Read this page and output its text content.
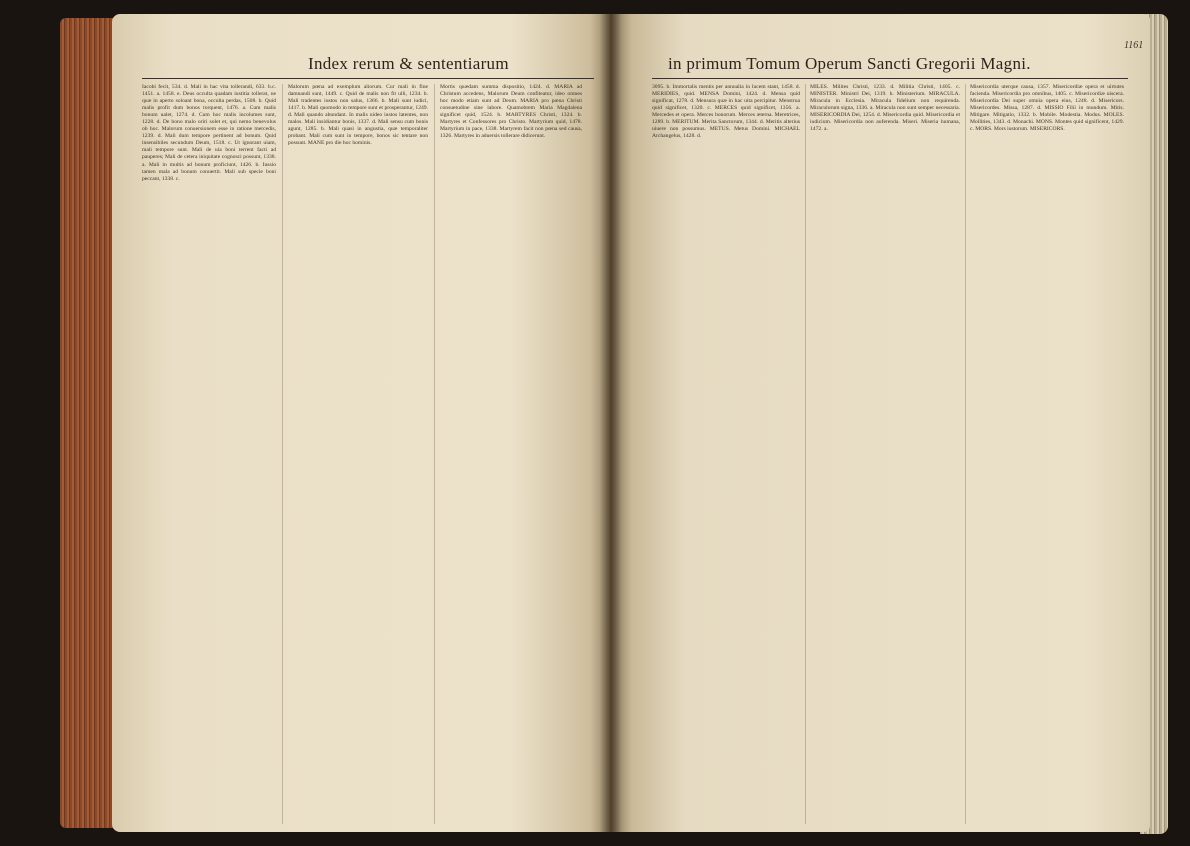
Index rerum & sententiarum

Iacobi fecit, 534. d. Mali in hac vita tollerandi, 633. b.c. 1451. a. 1458. e. Deus occulta quadam iustitia tollerat, ne quæ in aperto soloant bona, occulta perdas, 1508. b. Quid malis profit dum bonos torquent, 1476. a. Cum malis bonum ualet, 1274. d. Cum hoc malis incolumes sunt, 1228. d. De bono malo oriri solet et, qui nemo benevolus ob hoc. Malorum conuersionem esse in ratione mercedis, 1239. d. Mali dum tempore pertinent ad bonum. Quid insensibiles secundum Deum, 1518. c. Ut ignorant uiam, mali tempore sunt. Mali de uia boni terrent facti ad pauperes; Mali de cetera iniquitate cognosci possunt, 1338. a. Mali in multis ad bonum proficiunt, 1426. b. Iussio tamen mala ad bonum conuertit. Mali sub specie boni peccant, 1338. c.

Malorum pœna ad exemplum aliorum. Cur mali in fine damnandi sunt, 1449. c. Quid de malis non fit ulli, 1234. b. Mali tradentes iustos non salus, 1366. b. Mali sunt iudici, 1417. b. Mali quomodo in tempore sunt et prosperantur, 1249. d. Mali quando abundant. In malis uideo iustos latentes, non malos. Mali insidiantur bonis, 1337. d. Mali sensu cum bonis agunt, 1285. b. Mali quasi in angustia, quæ temporaliter probant. Mali cum sunt in tempore, bonos sic tentare non possunt. MANE pro die hoc hominis.

Mortis quædam summa dispositio, 1424. d. MARIA ad Christum accedens, Malorum Deum confiteatur, ideo omnes hoc modo etiam sunt ad Deum. MARIA pro pœna Christi consuetudine sine labore. Quamobrem Maria Magdalena significet quid, 1524. b. MARTYRES Christi, 1324. b. Martyres et Confessores pro Christo. Martyrium quid, 1478. Martyrium in pace, 1338. Martyrem facit non pœna sed causa, 1326. Martyres in aduersis tollerare didicerunt.

in primum Tomum Operum Sancti Gregorii Magni.
1161

3095. b. Immortalis mentis per annualia in lucem stant, 1458. d. MERIDIES, quid. MENSA Domini, 1424. d. Mensa quid significat, 1278. d. Mensura quæ in hac uita percipitur. Menstrua quid significet, 1320. c. MERCES quid significet, 1356. a. Mercedes et opera. Merces bonorum. Merces æterna. Meretrices, 1289. b. MERITUM. Merita Sanctorum, 1344. d. Meritis alterius uiuere non possumus. METUS. Metus Domini. MICHAEL Archangelus, 1428. d.

MILES. Milites Christi, 1233. d. Militia Christi, 1405. c. MINISTER. Ministri Dei, 1319. b. Ministerium. MIRACULA. Miracula in Ecclesia. Miracula fidelium non requirenda. Miraculorum signa, 1336. a. Miracula non sunt semper necessaria. MISERICORDIA Dei, 1254. d. Misericordia quid. Misericordia et iudicium. Misericordia non auferenda. Miseri. Miseria humana, 1472. a.

Misericordia uterque causa, 1357. Misericordiæ opera et uirtutes facienda. Misericordia pro omnibus, 1405. c. Misericordiæ uiscera. Misericordia Dei super omnia opera eius, 1248. d. Misericors. Misericordes. Missa, 1287. d. MISSIO Filii in mundum. Mitis. Mitigare. Mitigatio, 1332. b. Mobile. Modestia. Modus. MOLES. Mollities, 1343. d. Monachi. MONS. Montes quid significent, 1429. c. MORS. Mors iustorum. MISERICORS.
